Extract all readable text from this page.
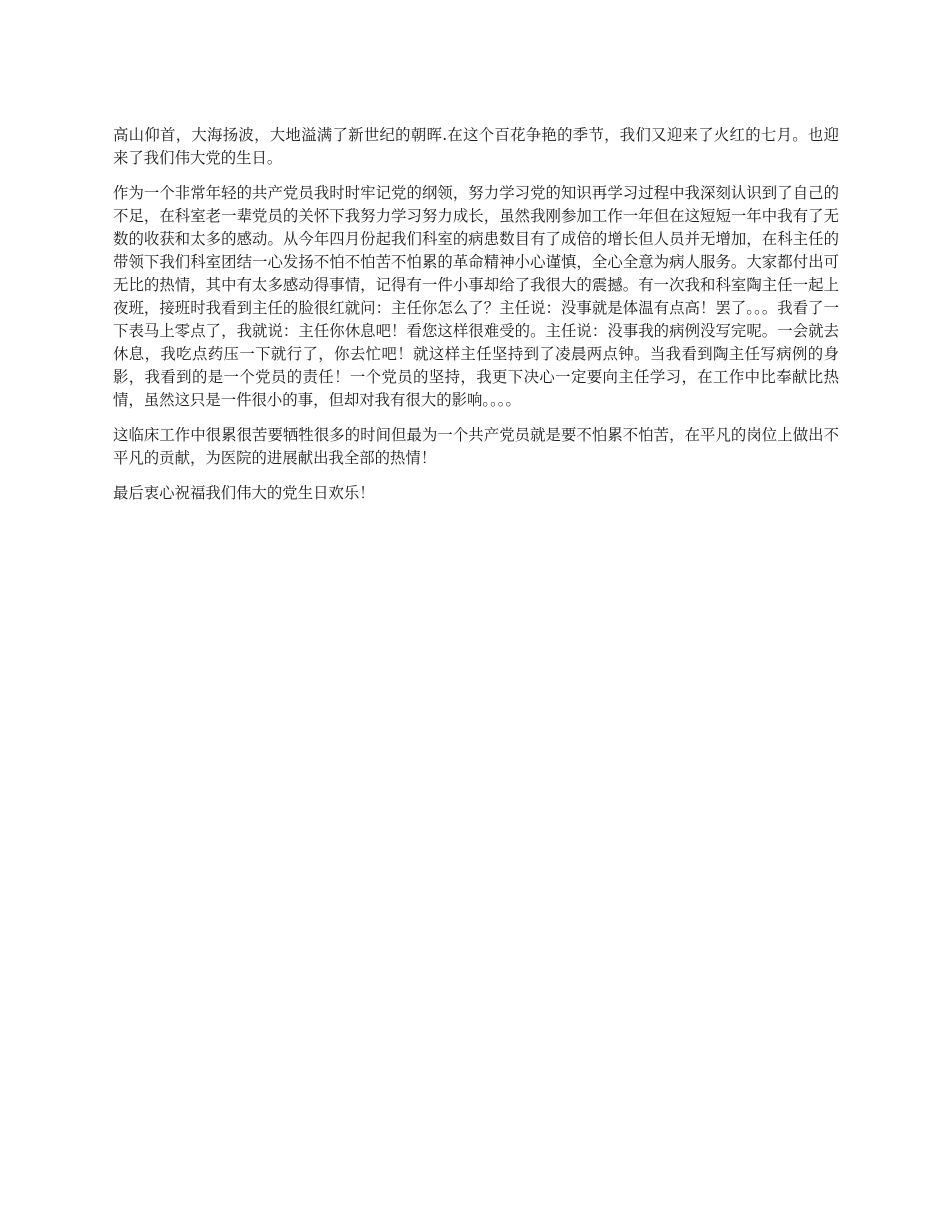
高山仰首，大海扬波，大地溢满了新世纪的朝晖.在这个百花争艳的季节，我们又迎来了火红的七月。也迎来了我们伟大党的生日。

作为一个非常年轻的共产党员我时时牢记党的纲领，努力学习党的知识再学习过程中我深刻认识到了自己的不足，在科室老一辈党员的关怀下我努力学习努力成长，虽然我刚参加工作一年但在这短短一年中我有了无数的收获和太多的感动。从今年四月份起我们科室的病患数目有了成倍的增长但人员并无增加，在科主任的带领下我们科室团结一心发扬不怕不怕苦不怕累的革命精神小心谨慎，全心全意为病人服务。大家都付出可无比的热情，其中有太多感动得事情，记得有一件小事却给了我很大的震撼。有一次我和科室陶主任一起上夜班，接班时我看到主任的脸很红就问：主任你怎么了？主任说：没事就是体温有点高！罢了。。。我看了一下表马上零点了，我就说：主任你休息吧！看您这样很难受的。主任说：没事我的病例没写完呢。一会就去休息，我吃点药压一下就行了，你去忙吧！就这样主任坚持到了凌晨两点钟。当我看到陶主任写病例的身影，我看到的是一个党员的责任！一个党员的坚持，我更下决心一定要向主任学习，在工作中比奉献比热情，虽然这只是一件很小的事，但却对我有很大的影响。。。。

这临床工作中很累很苦要牺牲很多的时间但最为一个共产党员就是要不怕累不怕苦，在平凡的岗位上做出不平凡的贡献，为医院的进展献出我全部的热情！

最后衷心祝福我们伟大的党生日欢乐！
